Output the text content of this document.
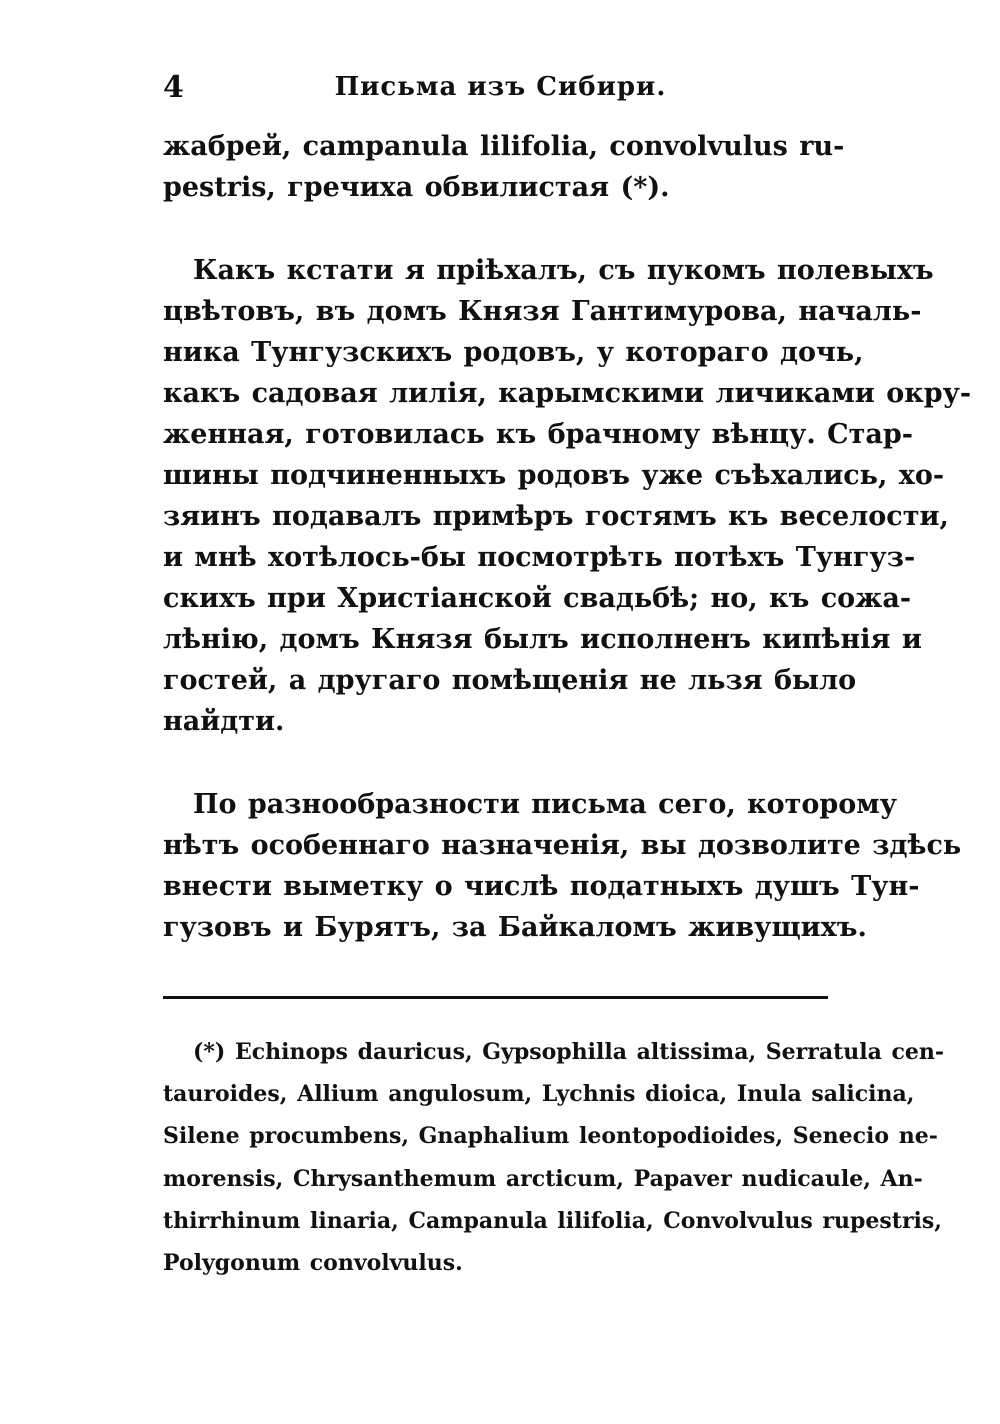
4	Письма изъ Сибири.
жабрей, campanula lilifolia, convolvulus ru-
pestris, гречиха обвилистая (*).
Какъ кстати я пріѣхалъ, съ пукомъ полевыхъ
цвѣтовъ, въ домъ Князя Гантимурова, началь-
ника Тунгузскихъ родовъ, у котораго дочь,
какъ садовая лилія, карымскими личиками окру-
женная, готовилась къ брачному вѣнцу. Стар-
шины подчиненныхъ родовъ уже съѣхались, хо-
зяинъ подавалъ примѣръ гостямъ къ веселости,
и мнѣ хотѣлось-бы посмотрѣть потѣхъ Тунгуз-
скихъ при Христіанской свадьбѣ; но, къ сожа-
лѣнію, домъ Князя былъ исполненъ кипѣнія и
гостей, а другаго помѣщенія не льзя было
найдти.
По разнообразности письма сего, которому
нѣтъ особеннаго назначенія, вы дозволите здѣсь
внести выметку о числѣ податныхъ душъ Тун-
гузовъ и Бурятъ, за Байкаломъ живущихъ.
(*) Echinops dauricus, Gypsophilla altissima, Serratula cen-
tauroides, Allium angulosum, Lychnis dioica, Inula salicina,
Silene procumbens, Gnaphalium leontopodioides, Senecio ne-
morensis, Chrysanthemum arcticum, Papaver nudicaule, An-
thirrhinum linaria, Campanula lilifolia, Convolvulus rupestris,
Polygonum convolvulus.
